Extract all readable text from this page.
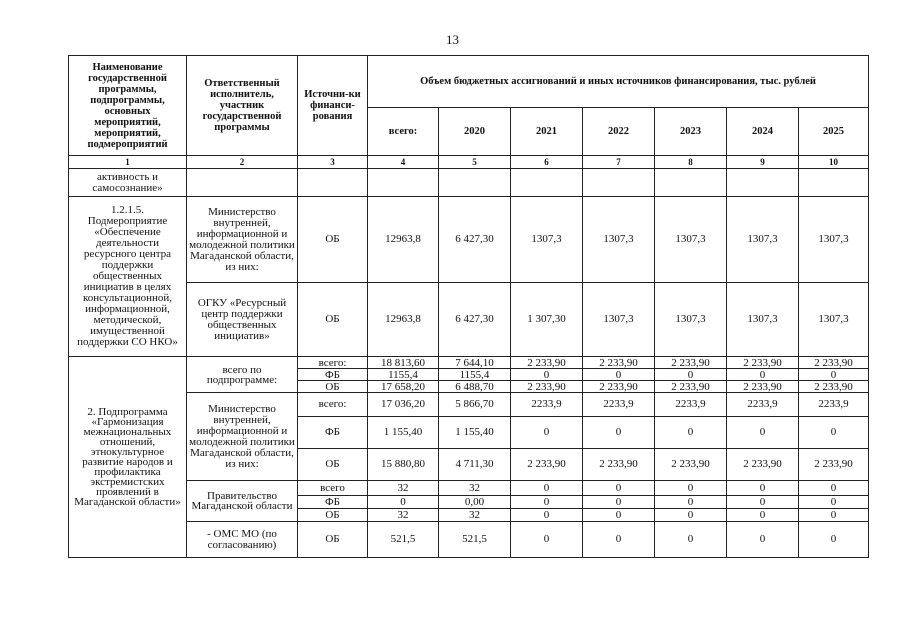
13
Наименование государственной программы, подпрограммы, основных мероприятий, мероприятий, подмероприятий	Ответственный исполнитель, участник государственной программы	Источни-ки финанси-рования	Объем бюджетных ассигнований и иных источников финансирования, тыс. рублей						
			всего:	2020	2021	2022	2023	2024	2025
1	2	3	4	5	6	7	8	9	10
активность и самосознание»									
1.2.1.5. Подмероприятие «Обеспечение деятельности ресурсного центра поддержки общественных инициатив в целях консультационной, информационной, методической, имущественной поддержки СО НКО»	Министерство внутренней, информационной и молодежной политики Магаданской области, из них:	ОБ	12963,8	6 427,30	1307,3	1307,3	1307,3	1307,3	1307,3
	ОГКУ «Ресурсный центр поддержки общественных инициатив»	ОБ	12963,8	6 427,30	1 307,30	1307,3	1307,3	1307,3	1307,3
2. Подпрограмма «Гармонизация межнациональных отношений, этнокультурное развитие народов и профилактика экстремистских проявлений в Магаданской области»	всего по подпрограмме:	всего:	18 813,60	7 644,10	2 233,90	2 233,90	2 233,90	2 233,90	2 233,90
		ФБ	1155,4	1155,4	0	0	0	0	0
		ОБ	17 658,20	6 488,70	2 233,90	2 233,90	2 233,90	2 233,90	2 233,90
	Министерство внутренней, информационной и молодежной политики Магаданской области, из них:	всего:	17 036,20	5 866,70	2233,9	2233,9	2233,9	2233,9	2233,9
		ФБ	1 155,40	1 155,40	0	0	0	0	0
		ОБ	15 880,80	4 711,30	2 233,90	2 233,90	2 233,90	2 233,90	2 233,90
	Правительство Магаданской области	всего	32	32	0	0	0	0	0
		ФБ	0	0,00	0	0	0	0	0
		ОБ	32	32	0	0	0	0	0
	- ОМС МО (по согласованию)	ОБ	521,5	521,5	0	0	0	0	0
